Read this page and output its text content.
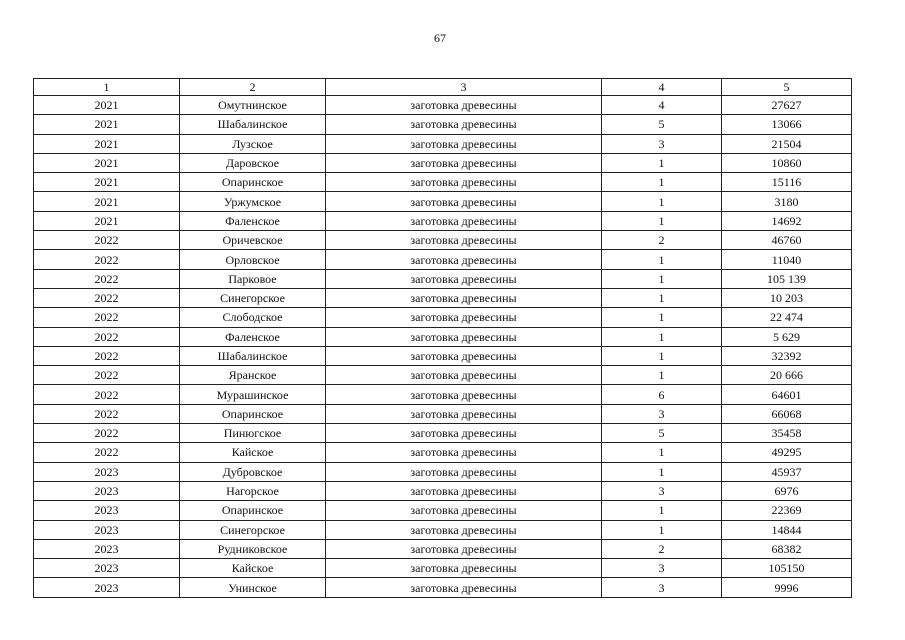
67
1	2	3	4	5
2021	Омутнинское	заготовка древесины	4	27627
2021	Шабалинское	заготовка древесины	5	13066
2021	Лузское	заготовка древесины	3	21504
2021	Даровское	заготовка древесины	1	10860
2021	Опаринское	заготовка древесины	1	15116
2021	Уржумское	заготовка древесины	1	3180
2021	Фаленское	заготовка древесины	1	14692
2022	Оричевское	заготовка древесины	2	46760
2022	Орловское	заготовка древесины	1	11040
2022	Парковое	заготовка древесины	1	105 139
2022	Синегорское	заготовка древесины	1	10 203
2022	Слободское	заготовка древесины	1	22 474
2022	Фаленское	заготовка древесины	1	5 629
2022	Шабалинское	заготовка древесины	1	32392
2022	Яранское	заготовка древесины	1	20 666
2022	Мурашинское	заготовка древесины	6	64601
2022	Опаринское	заготовка древесины	3	66068
2022	Пинюгское	заготовка древесины	5	35458
2022	Кайское	заготовка древесины	1	49295
2023	Дубровское	заготовка древесины	1	45937
2023	Нагорское	заготовка древесины	3	6976
2023	Опаринское	заготовка древесины	1	22369
2023	Синегорское	заготовка древесины	1	14844
2023	Рудниковское	заготовка древесины	2	68382
2023	Кайское	заготовка древесины	3	105150
2023	Унинское	заготовка древесины	3	9996
